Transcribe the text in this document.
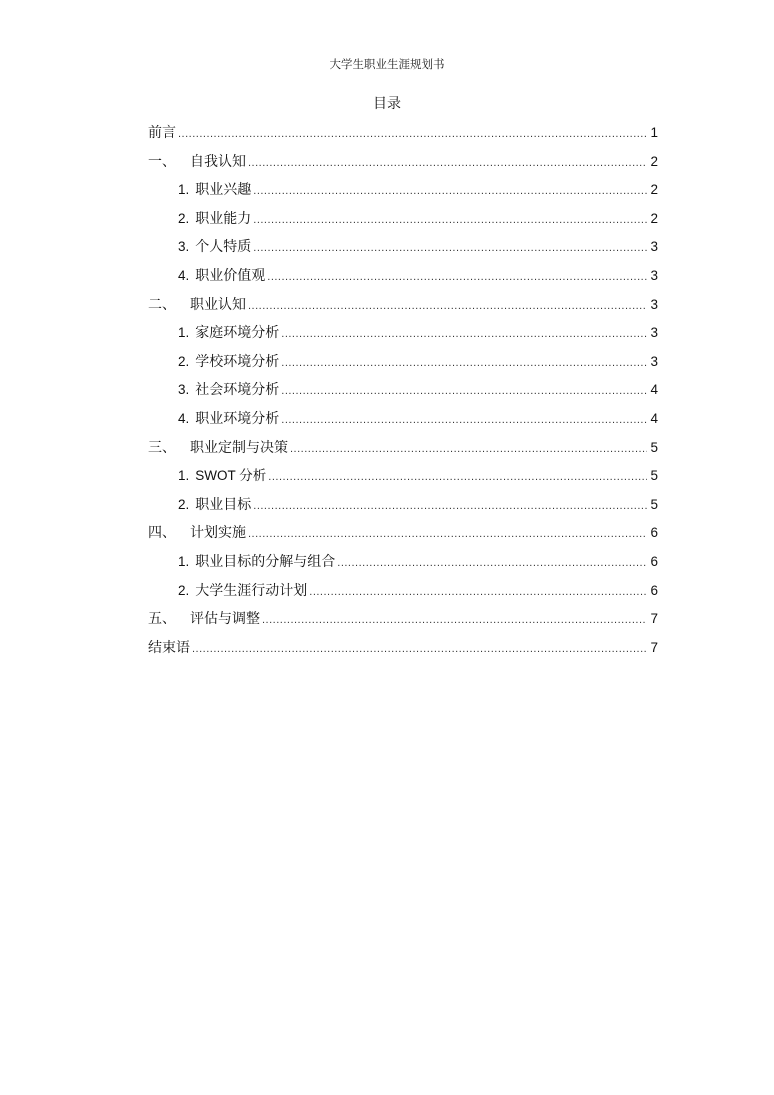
大学生职业生涯规划书
目录
前言 .....	1
一、 自我认知 .....	2
1. 职业兴趣 .....	2
2. 职业能力 .....	2
3. 个人特质 .....	3
4. 职业价值观 .....	3
二、 职业认知 .....	3
1. 家庭环境分析 .....	3
2. 学校环境分析 .....	3
3. 社会环境分析 .....	4
4. 职业环境分析 .....	4
三、 职业定制与决策 .....	5
1. SWOT 分析 .....	5
2. 职业目标 .....	5
四、 计划实施 .....	6
1. 职业目标的分解与组合 .....	6
2. 大学生涯行动计划 .....	6
五、 评估与调整 .....	7
结束语 .....	7
